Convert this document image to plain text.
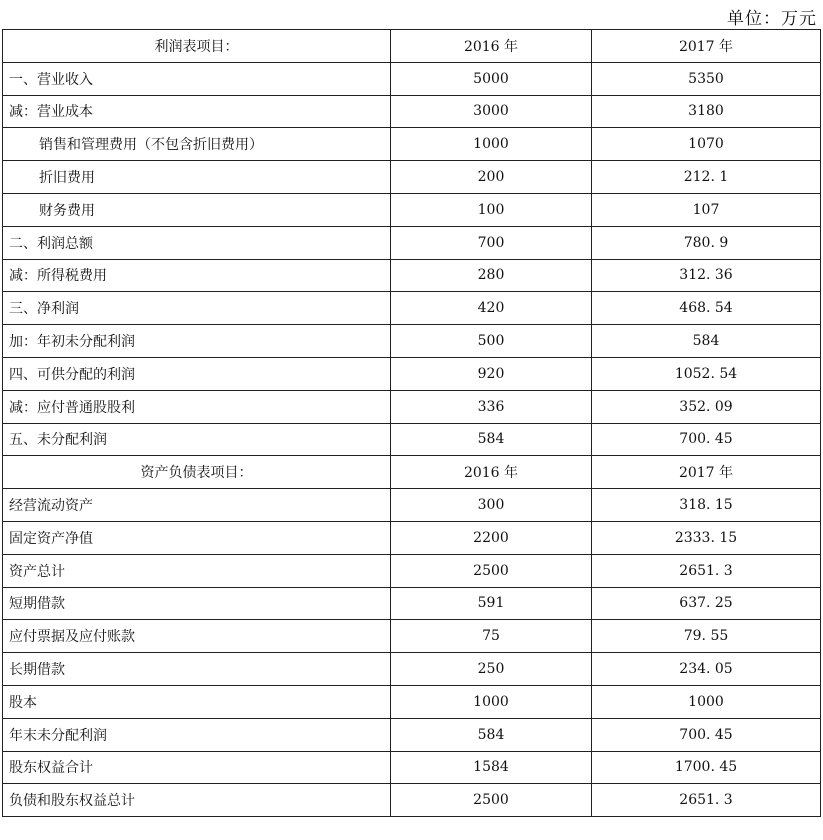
单位：万元
利润表项目：	2016 年	2017 年
一、营业收入	5000	5350
减：营业成本	3000	3180
销售和管理费用（不包含折旧费用）	1000	1070
折旧费用	200	212. 1
财务费用	100	107
二、利润总额	700	780. 9
减：所得税费用	280	312. 36
三、净利润	420	468. 54
加：年初未分配利润	500	584
四、可供分配的利润	920	1052. 54
减：应付普通股股利	336	352. 09
五、未分配利润	584	700. 45
资产负债表项目：	2016 年	2017 年
经营流动资产	300	318. 15
固定资产净值	2200	2333. 15
资产总计	2500	2651. 3
短期借款	591	637. 25
应付票据及应付账款	75	79. 55
长期借款	250	234. 05
股本	1000	1000
年末未分配利润	584	700. 45
股东权益合计	1584	1700. 45
负债和股东权益总计	2500	2651. 3
